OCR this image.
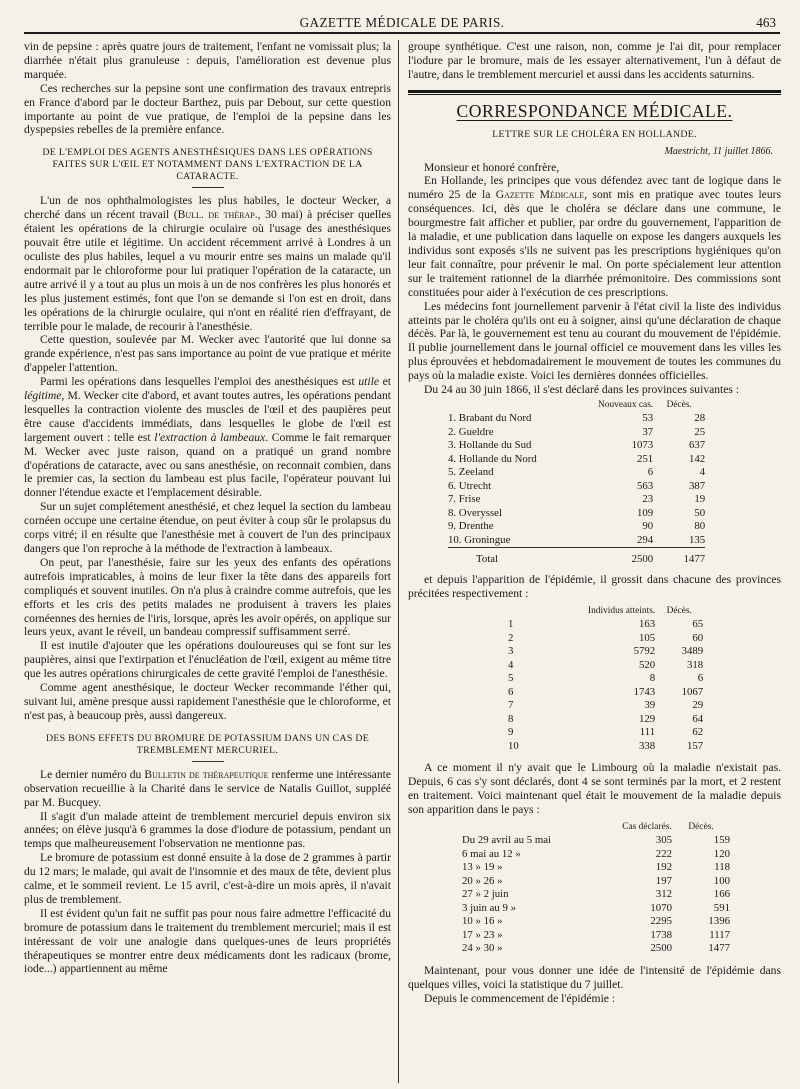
GAZETTE MÉDICALE DE PARIS.	463

vin de pepsine : après quatre jours de traitement, l'enfant ne vomissait plus; la diarrhée n'était plus granuleuse : depuis, l'amélioration est devenue plus marquée.

Ces recherches sur la pepsine sont une confirmation des travaux entrepris en France d'abord par le docteur Barthez, puis par Debout, sur cette question importante au point de vue pratique, de l'emploi de la pepsine dans les dyspepsies rebelles de la première enfance.

DE L'EMPLOI DES AGENTS ANESTHÉSIQUES DANS LES OPÉRATIONS FAITES SUR L'ŒIL ET NOTAMMENT DANS L'EXTRACTION DE LA CATARACTE.

L'un de nos ophthalmologistes les plus habiles, le docteur Wecker, a cherché dans un récent travail (Bull. de thérap., 30 mai) à préciser quelles étaient les opérations de la chirurgie oculaire où l'usage des anesthésiques pouvait être utile et légitime. Un accident récemment arrivé à Londres à un oculiste des plus habiles, lequel a vu mourir entre ses mains un malade qu'il endormait par le chloroforme pour lui pratiquer l'opération de la cataracte, un autre arrivé il y a tout au plus un mois à un de nos confrères les plus honorés et les plus justement estimés, font que l'on se demande si l'on est en droit, dans les opérations de la chirurgie oculaire, qui n'ont en réalité rien d'effrayant, de terrible pour le malade, de recourir à l'anesthésie.

Cette question, soulevée par M. Wecker avec l'autorité que lui donne sa grande expérience, n'est pas sans importance au point de vue pratique et mérite d'appeler l'attention.

Parmi les opérations dans lesquelles l'emploi des anesthésiques est utile et légitime, M. Wecker cite d'abord, et avant toutes autres, les opérations pendant lesquelles la contraction violente des muscles de l'œil et des paupières peut être cause d'accidents immédiats, dans lesquelles le globe de l'œil est largement ouvert : telle est l'extraction à lambeaux. Comme le fait remarquer M. Wecker avec juste raison, quand on a pratiqué un grand nombre d'opérations de cataracte, avec ou sans anesthésie, on reconnait combien, dans le premier cas, la section du lambeau est plus facile, l'opérateur pouvant lui donner l'étendue exacte et l'emplacement désirable.

Sur un sujet complétement anesthésié, et chez lequel la section du lambeau cornéen occupe une certaine étendue, on peut éviter à coup sûr le prolapsus du corps vitré; il en résulte que l'anesthésie met à couvert de l'un des principaux dangers que l'on reproche à la méthode de l'extraction à lambeaux.

On peut, par l'anesthésie, faire sur les yeux des enfants des opérations autrefois impraticables, à moins de leur fixer la tête dans des appareils fort compliqués et souvent inutiles. On n'a plus à craindre comme autrefois, que les efforts et les cris des petits malades ne produisent à travers les plaies cornéennes des hernies de l'iris, lorsque, après les avoir opérés, on applique sur leurs yeux, avant le réveil, un bandeau compressif suffisamment serré.

Il est inutile d'ajouter que les opérations douloureuses qui se font sur les paupières, ainsi que l'extirpation et l'énucléation de l'œil, exigent au même titre que les autres opérations chirurgicales de cette gravité l'emploi de l'anesthésie.

Comme agent anesthésique, le docteur Wecker recommande l'éther qui, suivant lui, amène presque aussi rapidement l'anesthésie que le chloroforme, et n'est pas, à beaucoup près, aussi dangereux.

DES BONS EFFETS DU BROMURE DE POTASSIUM DANS UN CAS DE TREMBLEMENT MERCURIEL.

Le dernier numéro du Bulletin de thérapeutique renferme une intéressante observation recueillie à la Charité dans le service de Natalis Guillot, suppléé par M. Bucquey.

Il s'agit d'un malade atteint de tremblement mercuriel depuis environ six années; on élève jusqu'à 6 grammes la dose d'iodure de potassium, pendant un temps que malheureusement l'observation ne mentionne pas.

Le bromure de potassium est donné ensuite à la dose de 2 grammes à partir du 12 mars; le malade, qui avait de l'insomnie et des maux de tête, devient plus calme, et le sommeil revient. Le 15 avril, c'est-à-dire un mois après, il n'avait plus de tremblement.

Il est évident qu'un fait ne suffit pas pour nous faire admettre l'efficacité du bromure de potassium dans le traitement du tremblement mercuriel; mais il est intéressant de voir une analogie dans quelques-unes de leurs propriétés thérapeutiques se montrer entre deux médicaments dont les radicaux (brome, iode...) appartiennent au même

groupe synthétique. C'est une raison, non, comme je l'ai dit, pour remplacer l'iodure par le bromure, mais de les essayer alternativement, l'un à défaut de l'autre, dans le tremblement mercuriel et aussi dans les accidents saturnins.

CORRESPONDANCE MÉDICALE.
LETTRE SUR LE CHOLÉRA EN HOLLANDE.
Maestricht, 11 juillet 1866.

Monsieur et honoré confrère,

En Hollande, les principes que vous défendez avec tant de logique dans le numéro 25 de la Gazette Médicale, sont mis en pratique avec toutes leurs conséquences. Ici, dès que le choléra se déclare dans une commune, le bourgmestre fait afficher et publier, par ordre du gouvernement, l'apparition de la maladie, et une publication dans laquelle on expose les dangers auxquels les individus sont exposés s'ils ne suivent pas les prescriptions hygiéniques qu'on leur fait connaître, pour prévenir le mal. On porte spécialement leur attention sur le traitement rationnel de la diarrhée prémonitoire. Des commissions sont constituées pour aider à l'exécution de ces prescriptions.

Les médecins font journellement parvenir à l'état civil la liste des individus atteints par le choléra qu'ils ont eu à soigner, ainsi qu'une déclaration de chaque décès. Par là, le gouvernement est tenu au courant du mouvement de l'épidémie. Il publie journellement dans le journal officiel ce mouvement dans les villes les plus éprouvées et hebdomadairement le mouvement de toutes les communes du pays où la maladie existe. Voici les dernières données officielles.

Du 24 au 30 juin 1866, il s'est déclaré dans les provinces suivantes :

	Nouveaux cas.	Décès.
1. Brabant du Nord	53	28
2. Gueldre	37	25
3. Hollande du Sud	1073	637
4. Hollande du Nord	251	142
5. Zeeland	6	4
6. Utrecht	563	387
7. Frise	23	19
8. Overyssel	109	50
9. Drenthe	90	80
10. Groningue	294	135
Total	2500	1477

et depuis l'apparition de l'épidémie, il grossit dans chacune des provinces précitées respectivement :

	Individus atteints.	Décès.
1	163	65
2	105	60
3	5792	3489
4	520	318
5	8	6
6	1743	1067
7	39	29
8	129	64
9	111	62
10	338	157

A ce moment il n'y avait que le Limbourg où la maladie n'existait pas. Depuis, 6 cas s'y sont déclarés, dont 4 se sont terminés par la mort, et 2 restent en traitement. Voici maintenant quel était le mouvement de la maladie depuis son apparition dans le pays :

	Cas déclarés.	Décès.
Du 29 avril au 5 mai	305	159
6 mai au 12 »	222	120
13 » 19 »	192	118
20 » 26 »	197	100
27 » 2 juin	312	166
3 juin au 9 »	1070	591
10 » 16 »	2295	1396
17 » 23 »	1738	1117
24 » 30 »	2500	1477

Maintenant, pour vous donner une idée de l'intensité de l'épidémie dans quelques villes, voici la statistique du 7 juillet.

Depuis le commencement de l'épidémie :
